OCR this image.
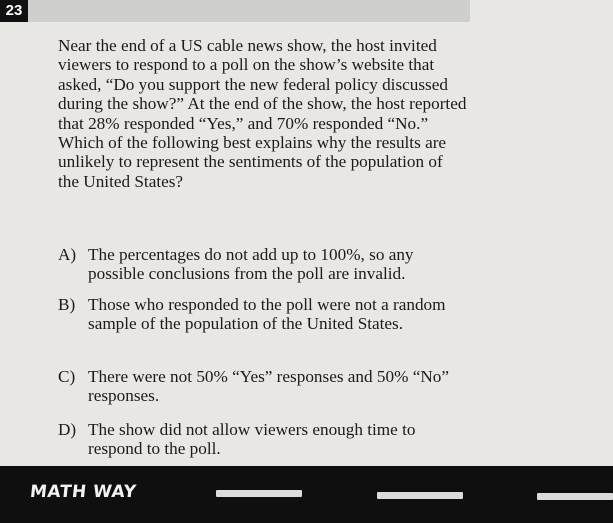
23
Near the end of a US cable news show, the host invited viewers to respond to a poll on the show’s website that asked, “Do you support the new federal policy discussed during the show?” At the end of the show, the host reported that 28% responded “Yes,” and 70% responded “No.” Which of the following best explains why the results are unlikely to represent the sentiments of the population of the United States?
A) The percentages do not add up to 100%, so any possible conclusions from the poll are invalid.
B) Those who responded to the poll were not a random sample of the population of the United States.
C) There were not 50% “Yes” responses and 50% “No” responses.
D) The show did not allow viewers enough time to respond to the poll.
MATH WAY
